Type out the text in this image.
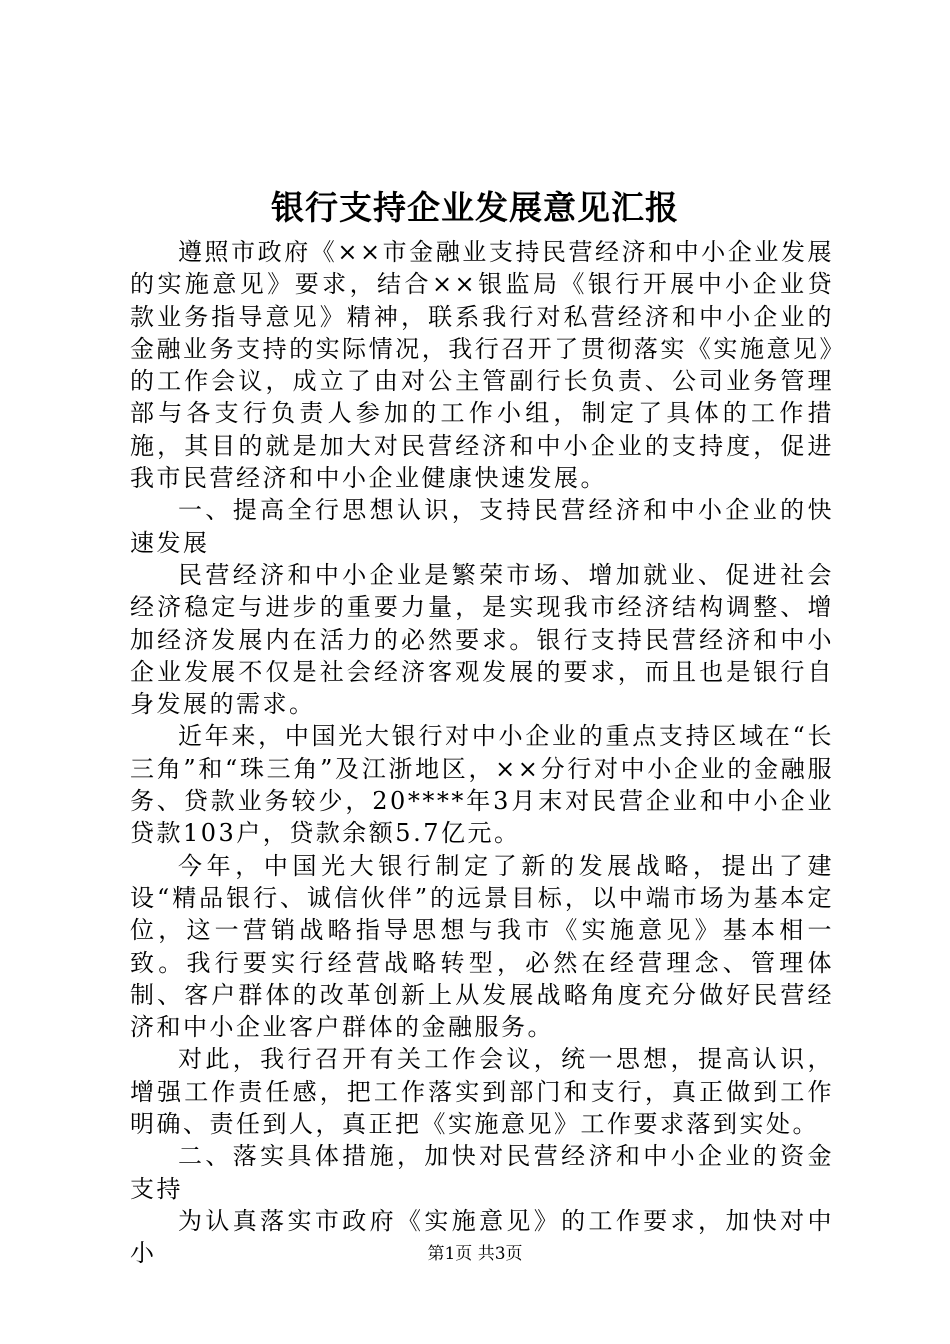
银行支持企业发展意见汇报

遵照市政府《××市金融业支持民营经济和中小企业发展的实施意见》要求，结合××银监局《银行开展中小企业贷款业务指导意见》精神，联系我行对私营经济和中小企业的金融业务支持的实际情况，我行召开了贯彻落实《实施意见》的工作会议，成立了由对公主管副行长负责、公司业务管理部与各支行负责人参加的工作小组，制定了具体的工作措施，其目的就是加大对民营经济和中小企业的支持度，促进我市民营经济和中小企业健康快速发展。

一、提高全行思想认识，支持民营经济和中小企业的快速发展

民营经济和中小企业是繁荣市场、增加就业、促进社会经济稳定与进步的重要力量，是实现我市经济结构调整、增加经济发展内在活力的必然要求。银行支持民营经济和中小企业发展不仅是社会经济客观发展的要求，而且也是银行自身发展的需求。

近年来，中国光大银行对中小企业的重点支持区域在“长三角”和“珠三角”及江浙地区，××分行对中小企业的金融服务、贷款业务较少，20****年3月末对民营企业和中小企业贷款103户，贷款余额5.7亿元。

今年，中国光大银行制定了新的发展战略，提出了建设“精品银行、诚信伙伴”的远景目标，以中端市场为基本定位，这一营销战略指导思想与我市《实施意见》基本相一致。我行要实行经营战略转型，必然在经营理念、管理体制、客户群体的改革创新上从发展战略角度充分做好民营经济和中小企业客户群体的金融服务。

对此，我行召开有关工作会议，统一思想，提高认识，增强工作责任感，把工作落实到部门和支行，真正做到工作明确、责任到人，真正把《实施意见》工作要求落到实处。

二、落实具体措施，加快对民营经济和中小企业的资金支持

为认真落实市政府《实施意见》的工作要求，加快对中小	第1页 共3页
